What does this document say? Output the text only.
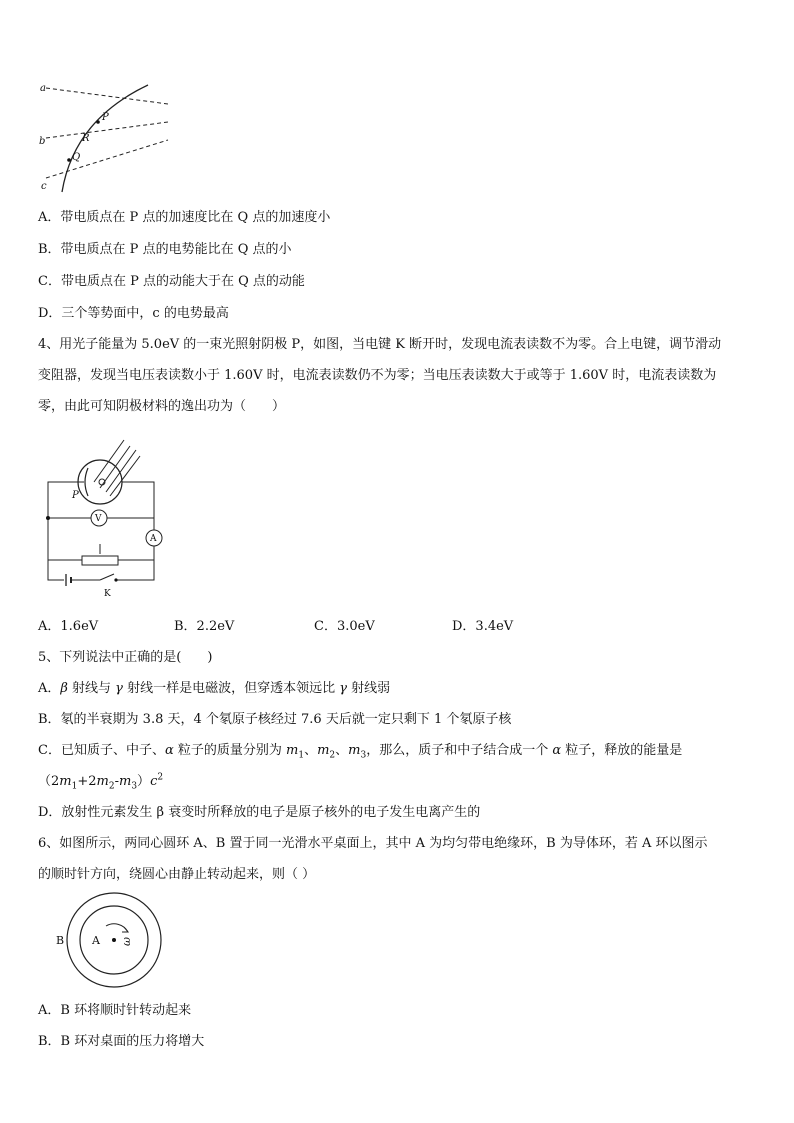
a
b
c
P
R
Q
A．带电质点在 P 点的加速度比在 Q 点的加速度小
B．带电质点在 P 点的电势能比在 Q 点的小
C．带电质点在 P 点的动能大于在 Q 点的动能
D．三个等势面中，c 的电势最高
4、用光子能量为 5.0eV 的一束光照射阴极 P，如图，当电键 K 断开时，发现电流表读数不为零。合上电键，调节滑动
变阻器，发现当电压表读数小于 1.60V 时，电流表读数仍不为零；当电压表读数大于或等于 1.60V 时，电流表读数为
零，由此可知阴极材料的逸出功为（　　）
P
V
A
K
A．1.6eV	B．2.2eV	C．3.0eV	D．3.4eV
5、下列说法中正确的是(　　)
A．β 射线与 γ 射线一样是电磁波，但穿透本领远比 γ 射线弱
B．氡的半衰期为 3.8 天，4 个氡原子核经过 7.6 天后就一定只剩下 1 个氡原子核
C．已知质子、中子、α 粒子的质量分别为 $m_1$、$m_2$、$m_3$，那么，质子和中子结合成一个 α 粒子，释放的能量是
$(2m_1+2m_2-m_3)c^2$
D．放射性元素发生 β 衰变时所释放的电子是原子核外的电子发生电离产生的
6、如图所示，两同心圆环 A、B 置于同一光滑水平桌面上，其中 A 为均匀带电绝缘环，B 为导体环，若 A 环以图示
的顺时针方向，绕圆心由静止转动起来，则（ ）
B	A ω
A．B 环将顺时针转动起来
B．B 环对桌面的压力将增大
